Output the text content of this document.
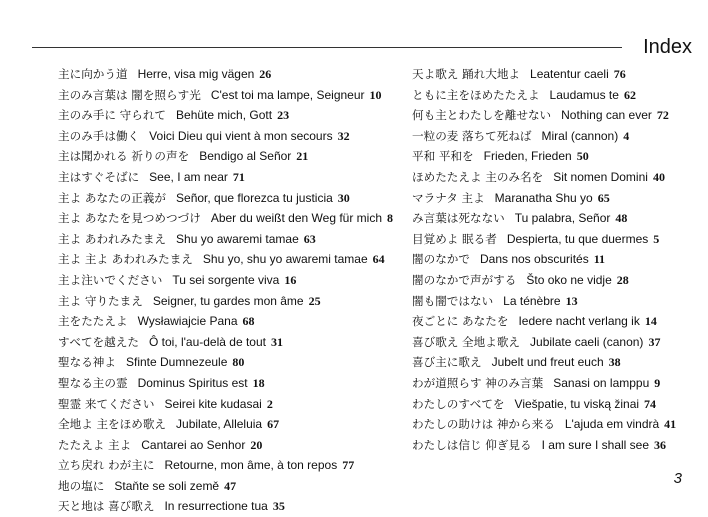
Index
主に向かう道 Herre, visa mig vägen 26
主のみ言葉は 闇を照らす光 C'est toi ma lampe, Seigneur 10
主のみ手に 守られて Behüte mich, Gott 23
主のみ手は働く Voici Dieu qui vient à mon secours 32
主は聞かれる 祈りの声を Bendigo al Señor 21
主はすぐそばに See, I am near 71
主よ あなたの正義が Señor, que florezca tu justicia 30
主よ あなたを見つめつづけ Aber du weißt den Weg für mich 8
主よ あわれみたまえ Shu yo awaremi tamae 63
主よ 主よ あわれみたまえ Shu yo, shu yo awaremi tamae 64
主よ注いでください Tu sei sorgente viva 16
主よ 守りたまえ Seigner, tu gardes mon âme 25
主をたたえよ Wysławiajcie Pana 68
すべてを越えた Ô toi, l'au-delà de tout 31
聖なる神よ Sfinte Dumnezeule 80
聖なる主の霊 Dominus Spiritus est 18
聖霊 来てください Seirei kite kudasai 2
全地よ 主をほめ歌え Jubilate, Alleluia 67
たたえよ 主よ Cantarei ao Senhor 20
立ち戻れ わが主に Retourne, mon âme, à ton repos 77
地の塩に Staňte se soli země 47
天と地は 喜び歌え In resurrectione tua 35
天よ歌え 踊れ大地よ Leatentur caeli 76
ともに主をほめたたえよ Laudamus te 62
何も主とわたしを離せない Nothing can ever 72
一粒の麦 落ちて死ねば Miral (cannon) 4
平和 平和を Frieden, Frieden 50
ほめたたえよ 主のみ名を Sit nomen Domini 40
マラナタ 主よ Maranatha Shu yo 65
み言葉は死なない Tu palabra, Señor 48
目覚めよ 眠る者 Despierta, tu que duermes 5
闇のなかで Dans nos obscurités 11
闇のなかで声がする Što oko ne vidje 28
闇も闇ではない La ténèbre 13
夜ごとに あなたを Iedere nacht verlang ik 14
喜び歌え 全地よ歌え Jubilate caeli (canon) 37
喜び主に歌え Jubelt und freut euch 38
わが道照らす 神のみ言葉 Sanasi on lamppu 9
わたしのすべてを Viešpatie, tu viską žinai 74
わたしの助けは 神から来る L'ajuda em vindrà 41
わたしは信じ 仰ぎ見る I am sure I shall see 36
3
